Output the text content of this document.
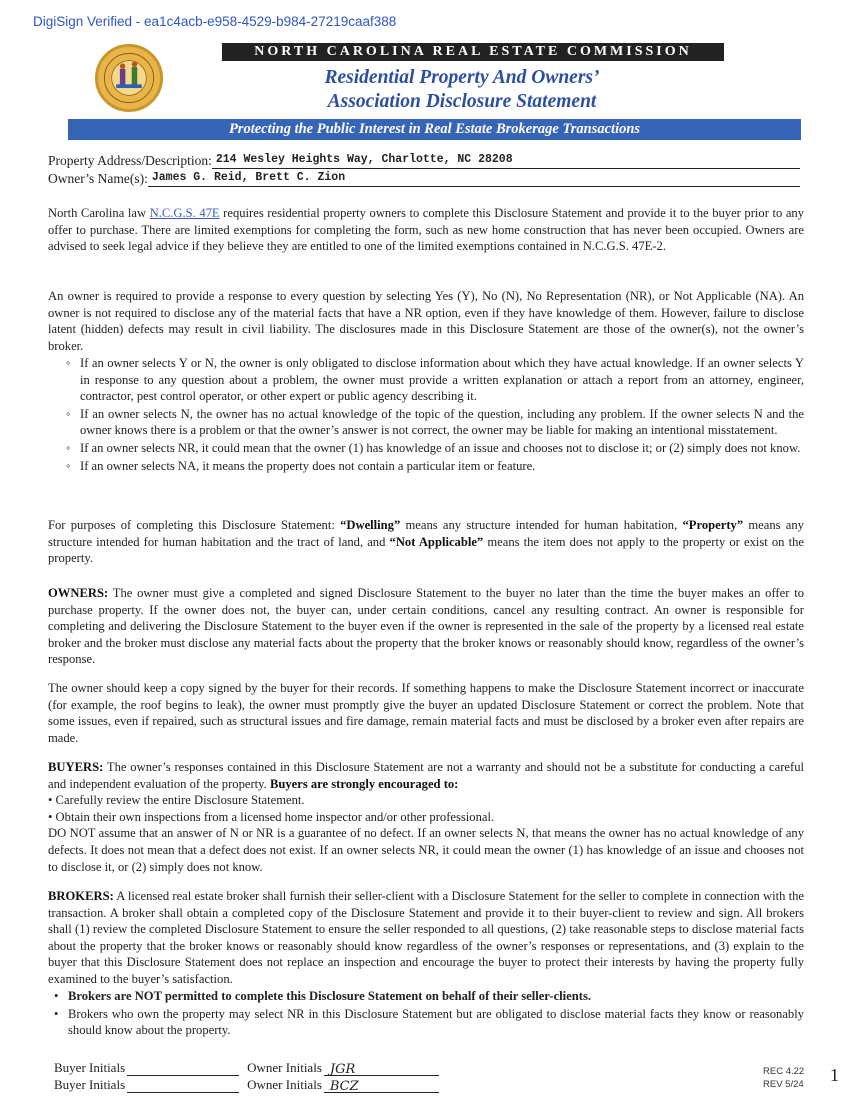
DigiSign Verified - ea1c4acb-e958-4529-b984-27219caaf388
NORTH CAROLINA REAL ESTATE COMMISSION
Residential Property And Owners’
Association Disclosure Statement
Protecting the Public Interest in Real Estate Brokerage Transactions
Property Address/Description: 214 Wesley Heights Way, Charlotte, NC 28208
Owner’s Name(s): James G. Reid, Brett C. Zion

North Carolina law N.C.G.S. 47E requires residential property owners to complete this Disclosure Statement and provide it to the buyer prior to any offer to purchase. There are limited exemptions for completing the form, such as new home construction that has never been occupied. Owners are advised to seek legal advice if they believe they are entitled to one of the limited exemptions contained in N.C.G.S. 47E-2.

An owner is required to provide a response to every question by selecting Yes (Y), No (N), No Representation (NR), or Not Applicable (NA). An owner is not required to disclose any of the material facts that have a NR option, even if they have knowledge of them. However, failure to disclose latent (hidden) defects may result in civil liability. The disclosures made in this Disclosure Statement are those of the owner(s), not the owner’s broker.

◦ If an owner selects Y or N, the owner is only obligated to disclose information about which they have actual knowledge. If an owner selects Y in response to any question about a problem, the owner must provide a written explanation or attach a report from an attorney, engineer, contractor, pest control operator, or other expert or public agency describing it.
◦ If an owner selects N, the owner has no actual knowledge of the topic of the question, including any problem. If the owner selects N and the owner knows there is a problem or that the owner’s answer is not correct, the owner may be liable for making an intentional misstatement.
◦ If an owner selects NR, it could mean that the owner (1) has knowledge of an issue and chooses not to disclose it; or (2) simply does not know.
◦ If an owner selects NA, it means the property does not contain a particular item or feature.

For purposes of completing this Disclosure Statement: “Dwelling” means any structure intended for human habitation, “Property” means any structure intended for human habitation and the tract of land, and “Not Applicable” means the item does not apply to the property or exist on the property.

OWNERS: The owner must give a completed and signed Disclosure Statement to the buyer no later than the time the buyer makes an offer to purchase property. If the owner does not, the buyer can, under certain conditions, cancel any resulting contract. An owner is responsible for completing and delivering the Disclosure Statement to the buyer even if the owner is represented in the sale of the property by a licensed real estate broker and the broker must disclose any material facts about the property that the broker knows or reasonably should know, regardless of the owner’s response.

The owner should keep a copy signed by the buyer for their records. If something happens to make the Disclosure Statement incorrect or inaccurate (for example, the roof begins to leak), the owner must promptly give the buyer an updated Disclosure Statement or correct the problem. Note that some issues, even if repaired, such as structural issues and fire damage, remain material facts and must be disclosed by a broker even after repairs are made.

BUYERS: The owner’s responses contained in this Disclosure Statement are not a warranty and should not be a substitute for conducting a careful and independent evaluation of the property. Buyers are strongly encouraged to:
• Carefully review the entire Disclosure Statement.
• Obtain their own inspections from a licensed home inspector and/or other professional.
DO NOT assume that an answer of N or NR is a guarantee of no defect. If an owner selects N, that means the owner has no actual knowledge of any defects. It does not mean that a defect does not exist. If an owner selects NR, it could mean the owner (1) has knowledge of an issue and chooses not to disclose it, or (2) simply does not know.

BROKERS: A licensed real estate broker shall furnish their seller-client with a Disclosure Statement for the seller to complete in connection with the transaction. A broker shall obtain a completed copy of the Disclosure Statement and provide it to their buyer-client to review and sign. All brokers shall (1) review the completed Disclosure Statement to ensure the seller responded to all questions, (2) take reasonable steps to disclose material facts about the property that the broker knows or reasonably should know regardless of the owner’s responses or representations, and (3) explain to the buyer that this Disclosure Statement does not replace an inspection and encourage the buyer to protect their interests by having the property fully examined to the buyer’s satisfaction.

• Brokers are NOT permitted to complete this Disclosure Statement on behalf of their seller-clients.
• Brokers who own the property may select NR in this Disclosure Statement but are obligated to disclose material facts they know or reasonably should know about the property.
Buyer Initials	Owner Initials JGR
Buyer Initials	Owner Initials BCZ
REC 4.22
REV 5/24 1
